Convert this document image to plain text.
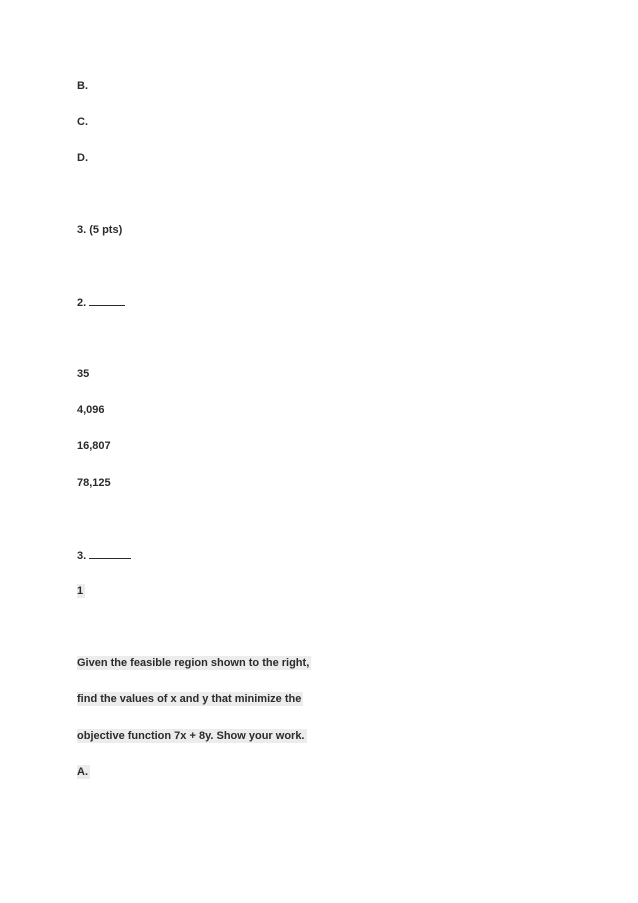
B.
C.
D.
3. (5 pts)
2.
35
4,096
16,807
78,125
3.
1
Given the feasible region shown to the right,
find the values of x and y that minimize the
objective function 7x + 8y. Show your work.
A.
